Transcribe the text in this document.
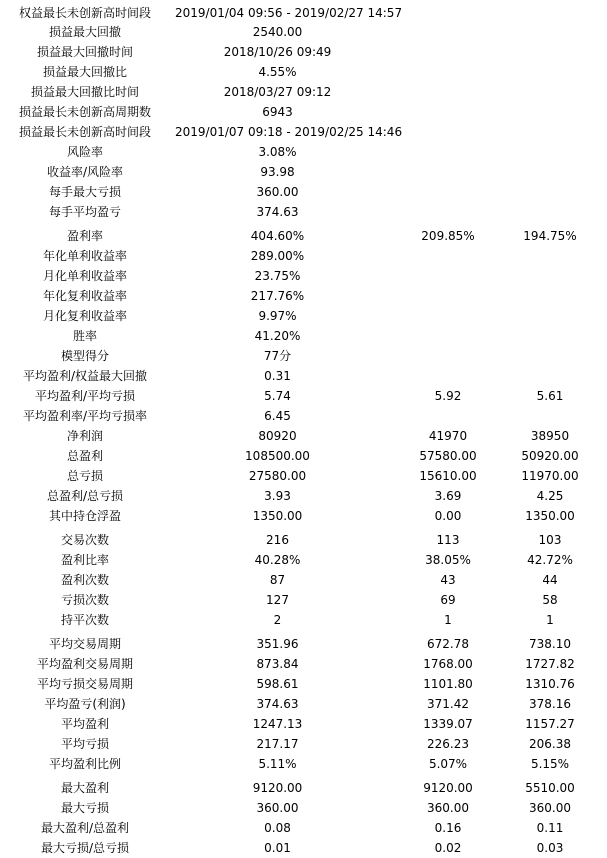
权益最长未创新高时间段	2019/01/04 09:56 - 2019/02/27 14:57
损益最大回撤	2540.00
损益最大回撤时间	2018/10/26 09:49
损益最大回撤比	4.55%
损益最大回撤比时间	2018/03/27 09:12
损益最长未创新高周期数	6943
损益最长未创新高时间段	2019/01/07 09:18 - 2019/02/25 14:46
风险率	3.08%
收益率/风险率	93.98
每手最大亏损	360.00
每手平均盈亏	374.63
盈利率	404.60%	209.85%	194.75%
年化单利收益率	289.00%
月化单利收益率	23.75%
年化复利收益率	217.76%
月化复利收益率	9.97%
胜率	41.20%
模型得分	77分
平均盈利/权益最大回撤	0.31
平均盈利/平均亏损	5.74	5.92	5.61
平均盈利率/平均亏损率	6.45
净利润	80920	41970	38950
总盈利	108500.00	57580.00	50920.00
总亏损	27580.00	15610.00	11970.00
总盈利/总亏损	3.93	3.69	4.25
其中持仓浮盈	1350.00	0.00	1350.00
交易次数	216	113	103
盈利比率	40.28%	38.05%	42.72%
盈利次数	87	43	44
亏损次数	127	69	58
持平次数	2	1	1
平均交易周期	351.96	672.78	738.10
平均盈利交易周期	873.84	1768.00	1727.82
平均亏损交易周期	598.61	1101.80	1310.76
平均盈亏(利润)	374.63	371.42	378.16
平均盈利	1247.13	1339.07	1157.27
平均亏损	217.17	226.23	206.38
平均盈利比例	5.11%	5.07%	5.15%
最大盈利	9120.00	9120.00	5510.00
最大亏损	360.00	360.00	360.00
最大盈利/总盈利	0.08	0.16	0.11
最大亏损/总亏损	0.01	0.02	0.03
